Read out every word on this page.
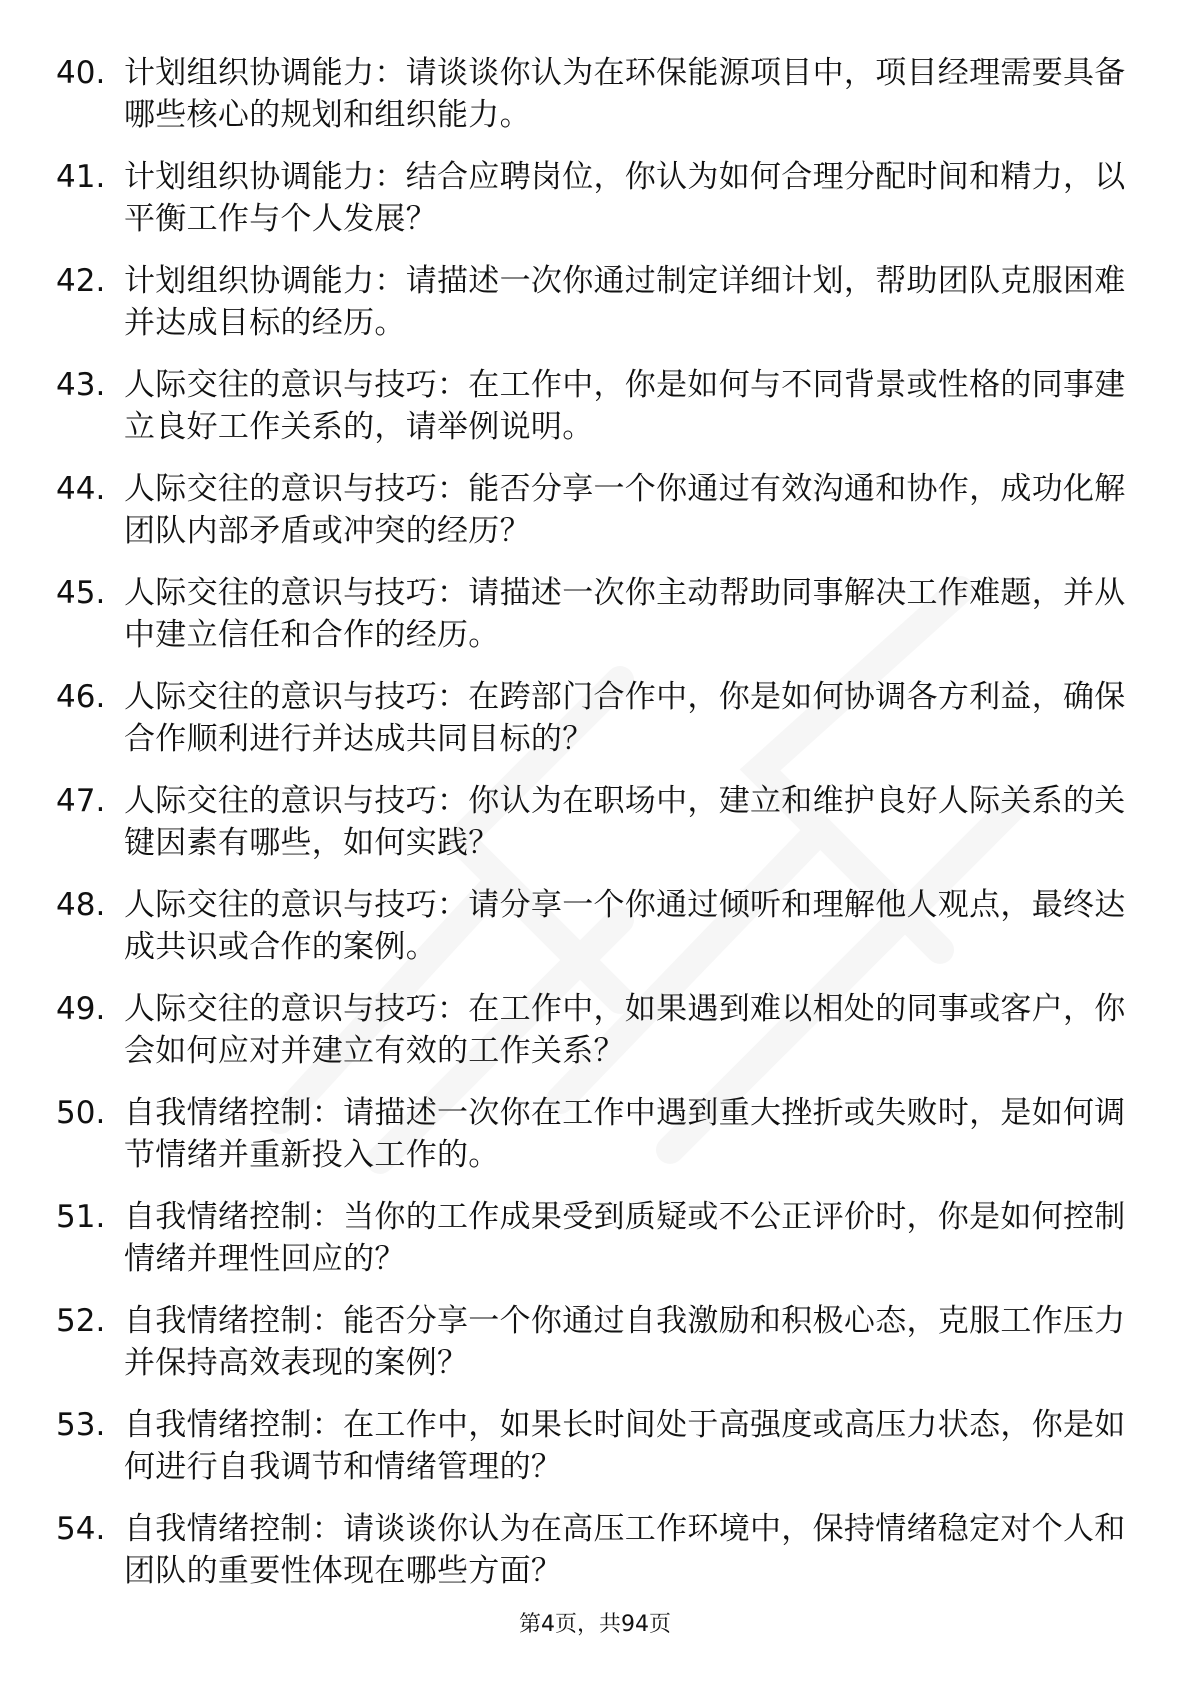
40. 计划组织协调能力：请谈谈你认为在环保能源项目中，项目经理需要具备哪些核心的规划和组织能力。
41. 计划组织协调能力：结合应聘岗位，你认为如何合理分配时间和精力，以平衡工作与个人发展？
42. 计划组织协调能力：请描述一次你通过制定详细计划，帮助团队克服困难并达成目标的经历。
43. 人际交往的意识与技巧：在工作中，你是如何与不同背景或性格的同事建立良好工作关系的，请举例说明。
44. 人际交往的意识与技巧：能否分享一个你通过有效沟通和协作，成功化解团队内部矛盾或冲突的经历？
45. 人际交往的意识与技巧：请描述一次你主动帮助同事解决工作难题，并从中建立信任和合作的经历。
46. 人际交往的意识与技巧：在跨部门合作中，你是如何协调各方利益，确保合作顺利进行并达成共同目标的？
47. 人际交往的意识与技巧：你认为在职场中，建立和维护良好人际关系的关键因素有哪些，如何实践？
48. 人际交往的意识与技巧：请分享一个你通过倾听和理解他人观点，最终达成共识或合作的案例。
49. 人际交往的意识与技巧：在工作中，如果遇到难以相处的同事或客户，你会如何应对并建立有效的工作关系？
50. 自我情绪控制：请描述一次你在工作中遇到重大挫折或失败时，是如何调节情绪并重新投入工作的。
51. 自我情绪控制：当你的工作成果受到质疑或不公正评价时，你是如何控制情绪并理性回应的？
52. 自我情绪控制：能否分享一个你通过自我激励和积极心态，克服工作压力并保持高效表现的案例？
53. 自我情绪控制：在工作中，如果长时间处于高强度或高压力状态，你是如何进行自我调节和情绪管理的？
54. 自我情绪控制：请谈谈你认为在高压工作环境中，保持情绪稳定对个人和团队的重要性体现在哪些方面？
第4页，共94页
